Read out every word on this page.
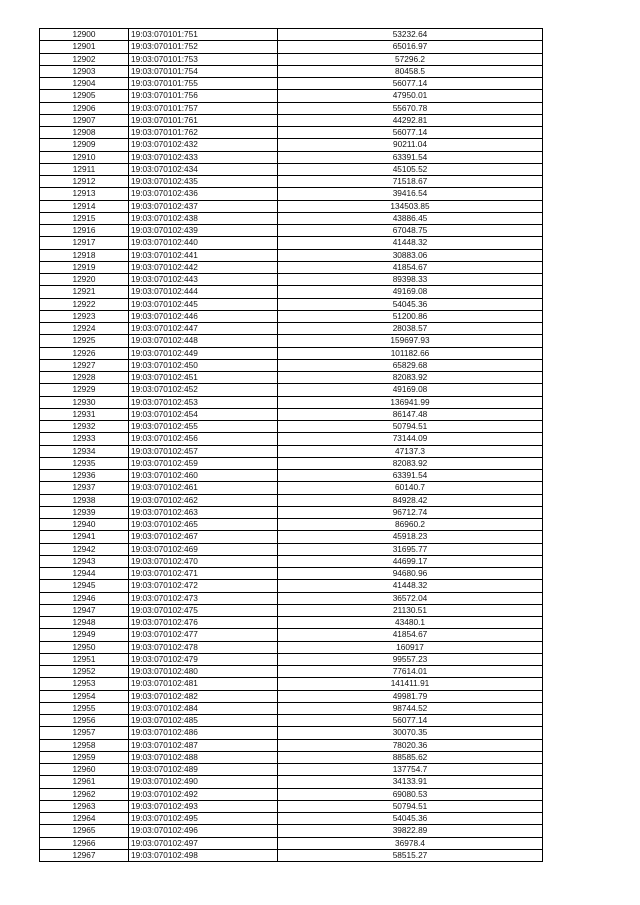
12900	19:03:070101:751	53232.64
12901	19:03:070101:752	65016.97
12902	19:03:070101:753	57296.2
12903	19:03:070101:754	80458.5
12904	19:03:070101:755	56077.14
12905	19:03:070101:756	47950.01
12906	19:03:070101:757	55670.78
12907	19:03:070101:761	44292.81
12908	19:03:070101:762	56077.14
12909	19:03:070102:432	90211.04
12910	19:03:070102:433	63391.54
12911	19:03:070102:434	45105.52
12912	19:03:070102:435	71518.67
12913	19:03:070102:436	39416.54
12914	19:03:070102:437	134503.85
12915	19:03:070102:438	43886.45
12916	19:03:070102:439	67048.75
12917	19:03:070102:440	41448.32
12918	19:03:070102:441	30883.06
12919	19:03:070102:442	41854.67
12920	19:03:070102:443	89398.33
12921	19:03:070102:444	49169.08
12922	19:03:070102:445	54045.36
12923	19:03:070102:446	51200.86
12924	19:03:070102:447	28038.57
12925	19:03:070102:448	159697.93
12926	19:03:070102:449	101182.66
12927	19:03:070102:450	65829.68
12928	19:03:070102:451	82083.92
12929	19:03:070102:452	49169.08
12930	19:03:070102:453	136941.99
12931	19:03:070102:454	86147.48
12932	19:03:070102:455	50794.51
12933	19:03:070102:456	73144.09
12934	19:03:070102:457	47137.3
12935	19:03:070102:459	82083.92
12936	19:03:070102:460	63391.54
12937	19:03:070102:461	60140.7
12938	19:03:070102:462	84928.42
12939	19:03:070102:463	96712.74
12940	19:03:070102:465	86960.2
12941	19:03:070102:467	45918.23
12942	19:03:070102:469	31695.77
12943	19:03:070102:470	44699.17
12944	19:03:070102:471	94680.96
12945	19:03:070102:472	41448.32
12946	19:03:070102:473	36572.04
12947	19:03:070102:475	21130.51
12948	19:03:070102:476	43480.1
12949	19:03:070102:477	41854.67
12950	19:03:070102:478	160917
12951	19:03:070102:479	99557.23
12952	19:03:070102:480	77614.01
12953	19:03:070102:481	141411.91
12954	19:03:070102:482	49981.79
12955	19:03:070102:484	98744.52
12956	19:03:070102:485	56077.14
12957	19:03:070102:486	30070.35
12958	19:03:070102:487	78020.36
12959	19:03:070102:488	88585.62
12960	19:03:070102:489	137754.7
12961	19:03:070102:490	34133.91
12962	19:03:070102:492	69080.53
12963	19:03:070102:493	50794.51
12964	19:03:070102:495	54045.36
12965	19:03:070102:496	39822.89
12966	19:03:070102:497	36978.4
12967	19:03:070102:498	58515.27
